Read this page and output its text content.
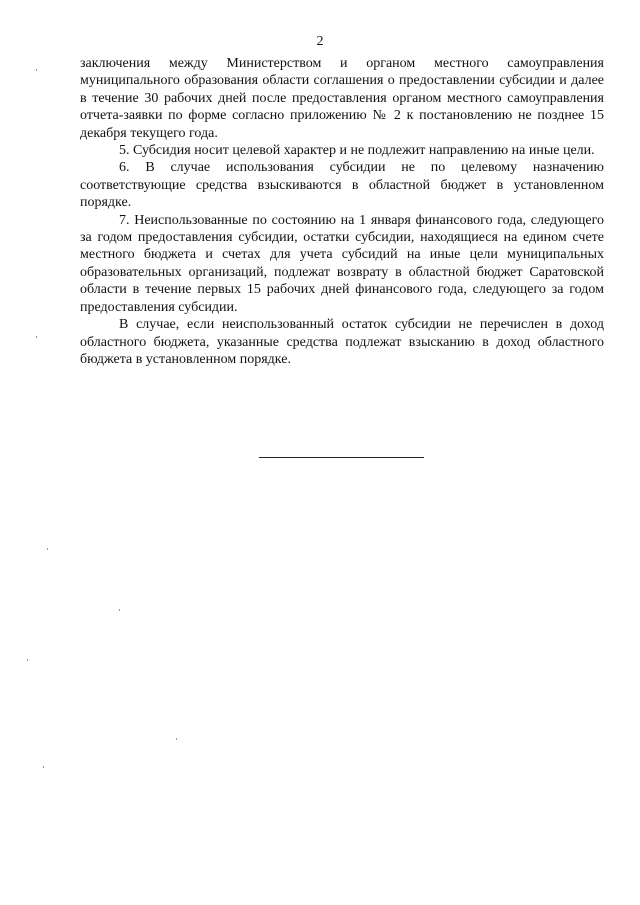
2

заключения между Министерством и органом местного самоуправления муниципального образования области соглашения о предоставлении субсидии и далее в течение 30 рабочих дней после предоставления органом местного самоуправления отчета-заявки по форме согласно приложению № 2 к постановлению не позднее 15 декабря текущего года.

5. Субсидия носит целевой характер и не подлежит направлению на иные цели.

6. В случае использования субсидии не по целевому назначению соответствующие средства взыскиваются в областной бюджет в установленном порядке.

7. Неиспользованные по состоянию на 1 января финансового года, следующего за годом предоставления субсидии, остатки субсидии, находящиеся на едином счете местного бюджета и счетах для учета субсидий на иные цели муниципальных образовательных организаций, подлежат возврату в областной бюджет Саратовской области в течение первых 15 рабочих дней финансового года, следующего за годом предоставления субсидии.

В случае, если неиспользованный остаток субсидии не перечислен в доход областного бюджета, указанные средства подлежат взысканию в доход областного бюджета в установленном порядке.
